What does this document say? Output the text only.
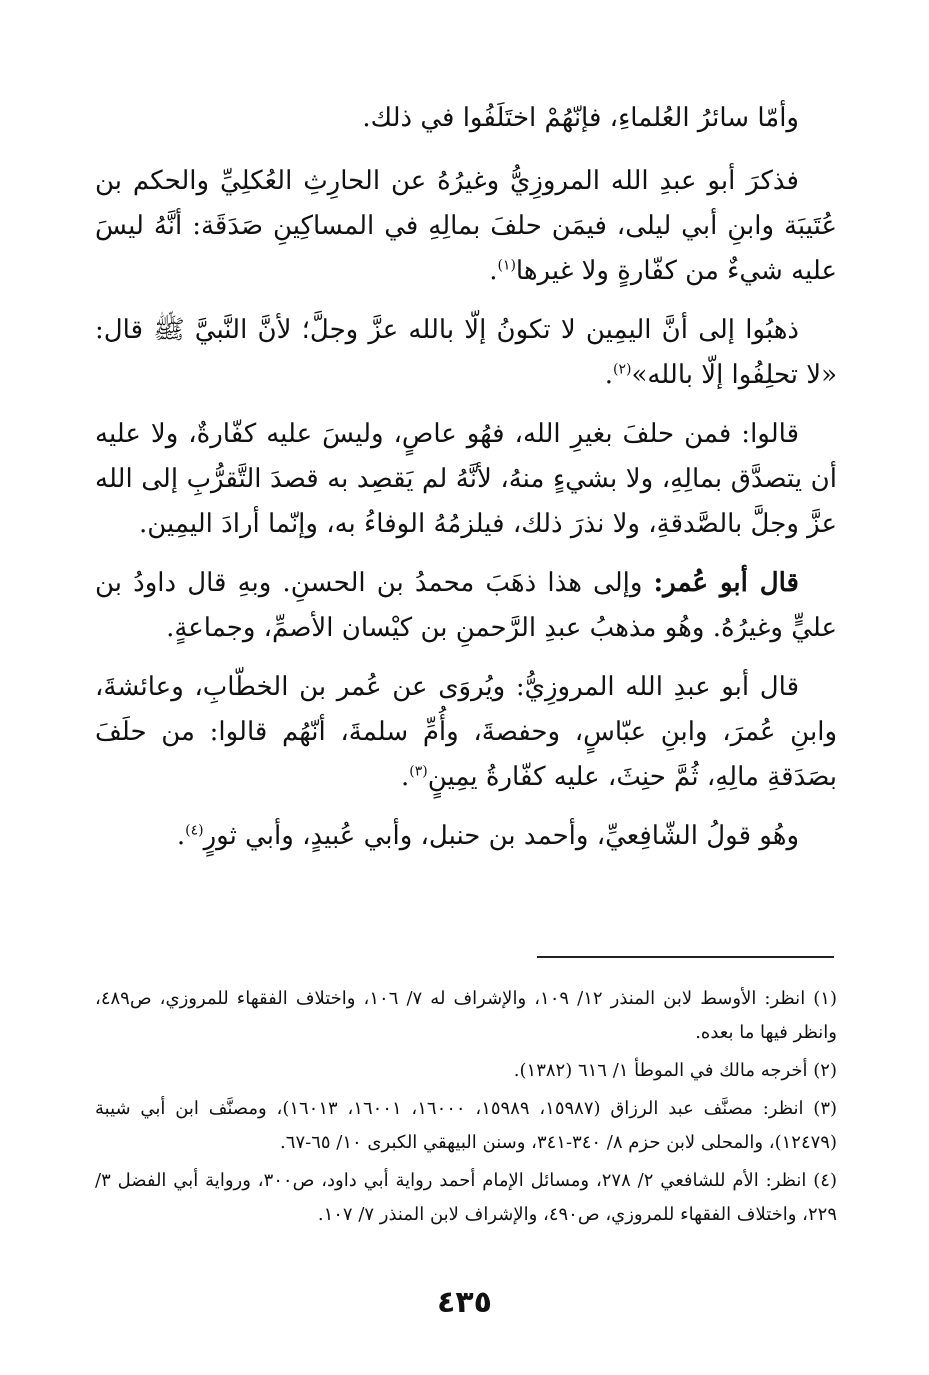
وأمّا سائرُ العُلماءِ، فإنّهُمْ اختَلَفُوا في ذلك.

فذكرَ أبو عبدِ الله المروزِيُّ وغيرُهُ عن الحارِثِ العُكلِيِّ والحكم بن عُتَيبَة وابنِ أبي ليلى، فيمَن حلفَ بمالِهِ في المساكِينِ صَدَقَة: أنَّهُ ليسَ عليه شيءٌ من كفّارةٍ ولا غيرها$^{(١)}$.

ذهبُوا إلى أنَّ اليمِين لا تكونُ إلّا بالله عزَّ وجلَّ؛ لأنَّ النَّبيَّ ﷺ قال: «لا تحلِفُوا إلّا بالله»$^{(٢)}$.

قالوا: فمن حلفَ بغيرِ الله، فهُو عاصٍ، وليسَ عليه كفّارةٌ، ولا عليه أن يتصدَّق بمالِهِ، ولا بشيءٍ منهُ، لأنَّهُ لم يَقصِد به قصدَ التَّقرُّبِ إلى الله عزَّ وجلَّ بالصَّدقةِ، ولا نذرَ ذلك، فيلزمُهُ الوفاءُ به، وإنّما أرادَ اليمِين.

قال أبو عُمر: وإلى هذا ذهَبَ محمدُ بن الحسنِ. وبهِ قال داودُ بن عليٍّ وغيرُهُ. وهُو مذهبُ عبدِ الرَّحمنِ بن كيْسان الأصمِّ، وجماعةٍ.

قال أبو عبدِ الله المروزِيُّ: ويُروَى عن عُمر بن الخطّابِ، وعائشةَ، وابنِ عُمرَ، وابنِ عبّاسٍ، وحفصةَ، وأُمِّ سلمةَ، أنّهُم قالوا: من حلَفَ بصَدَقةِ مالِهِ، ثُمَّ حنِثَ، عليه كفّارةُ يمِينٍ$^{(٣)}$.

وهُو قولُ الشّافِعيِّ، وأحمد بن حنبل، وأبي عُبيدٍ، وأبي ثورٍ$^{(٤)}$.

(١) انظر: الأوسط لابن المنذر ١٢/ ١٠٩، والإشراف له ٧/ ١٠٦، واختلاف الفقهاء للمروزي، ص٤٨٩، وانظر فيها ما بعده.

(٢) أخرجه مالك في الموطأ ١/ ٦١٦ (١٣٨٢).

(٣) انظر: مصنَّف عبد الرزاق (١٥٩٨٧، ١٥٩٨٩، ١٦٠٠٠، ١٦٠٠١، ١٦٠١٣)، ومصنَّف ابن أبي شيبة (١٢٤٧٩)، والمحلى لابن حزم ٨/ ٣٤٠-٣٤١، وسنن البيهقي الكبرى ١٠/ ٦٥-٦٧.

(٤) انظر: الأم للشافعي ٢/ ٢٧٨، ومسائل الإمام أحمد رواية أبي داود، ص٣٠٠، ورواية أبي الفضل ٣/ ٢٢٩، واختلاف الفقهاء للمروزي، ص٤٩٠، والإشراف لابن المنذر ٧/ ١٠٧.

٤٣٥
